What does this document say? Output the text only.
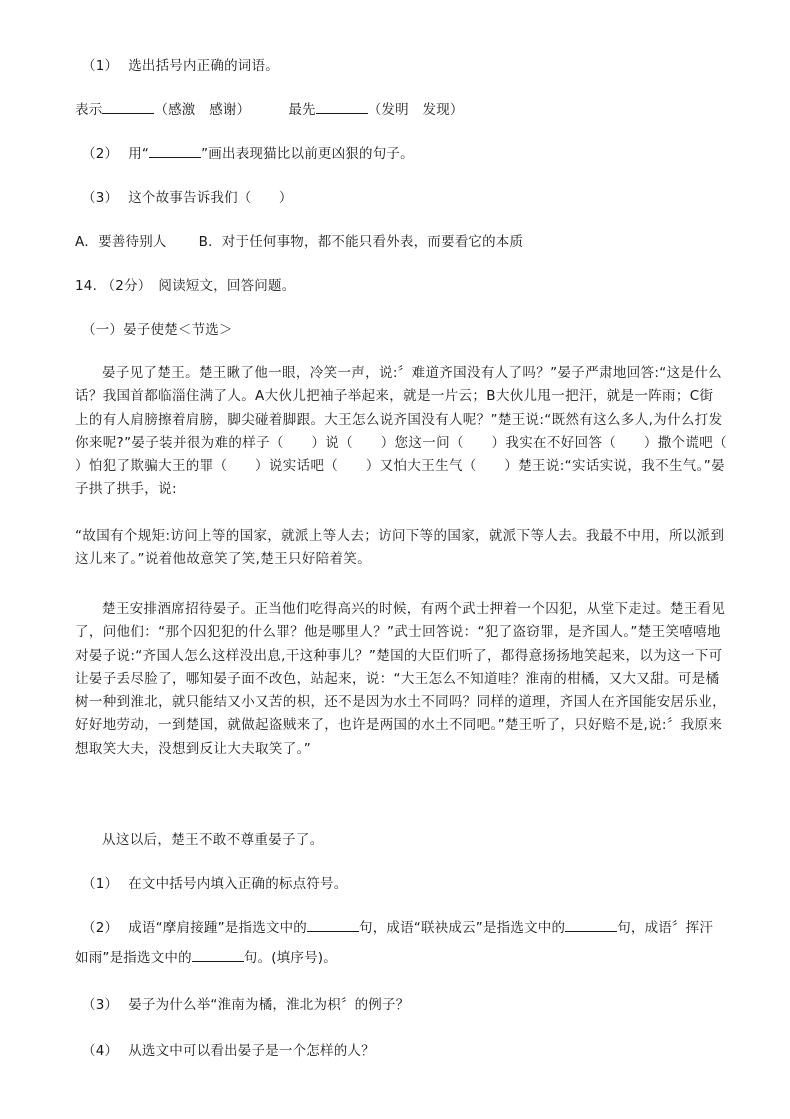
（1） 选出括号内正确的词语。
表示	（感激　感谢）	最先	（发明　发现）
（2） 用“	”画出表现猫比以前更凶狠的句子。
（3） 这个故事告诉我们（　　）
A．要善待别人 B．对于任何事物，都不能只看外表，而要看它的本质
14. （2分）　阅读短文，回答问题。
（一）晏子使楚＜节选＞
晏子见了楚王。楚王瞅了他一眼，冷笑一声，说:〞难道齐国没有人了吗？”晏子严肃地回答:“这是什么话？我国首都临淄住满了人。A大伙儿把袖子举起来，就是一片云；B大伙儿甩一把汗，就是一阵雨；C街上的有人肩膀擦着肩膀，脚尖碰着脚跟。大王怎么说齐国没有人呢？”楚王说:“既然有这么多人,为什么打发你来呢?”晏子装并很为难的样子（　　）说（　　）您这一问（　　）我实在不好回答（　　）撒个谎吧（　　）怕犯了欺骗大王的罪（　　）说实话吧（　　）又怕大王生气（　　）楚王说:“实话实说，我不生气。”晏子拱了拱手，说:
“故国有个规矩:访问上等的国家，就派上等人去；访问下等的国家，就派下等人去。我最不中用，所以派到这儿来了。”说着他故意笑了笑,楚王只好陪着笑。
楚王安排酒席招待晏子。正当他们吃得高兴的时候，有两个武士押着一个囚犯，从堂下走过。楚王看见了，问他们：“那个囚犯犯的什么罪？他是哪里人？”武士回答说：“犯了盗窃罪，是齐国人。”楚王笑嘻嘻地对晏子说:“齐国人怎么这样没出息,干这种事儿？”楚国的大臣们听了，都得意扬扬地笑起来，以为这一下可让晏子丢尽脸了，哪知晏子面不改色，站起来，说：“大王怎么不知道哇？淮南的柑橘，又大又甜。可是橘树一种到淮北，就只能结又小又苦的枳，还不是因为水土不同吗？同样的道理，齐国人在齐国能安居乐业，好好地劳动，一到楚国，就做起盗贼来了，也许是两国的水土不同吧。”楚王听了，只好赔不是,说:〞我原来想取笑大夫，没想到反让大夫取笑了。”
从这以后，楚王不敢不尊重晏子了。
（1） 在文中括号内填入正确的标点符号。
（2） 成语“摩肩接踵”是指选文中的	句，成语“联袂成云”是指选文中的	句，成语〞挥汗
如雨”是指选文中的	句。(填序号)。
（3） 晏子为什么举“淮南为橘，淮北为枳〞的例子？
（4） 从选文中可以看出晏子是一个怎样的人？
